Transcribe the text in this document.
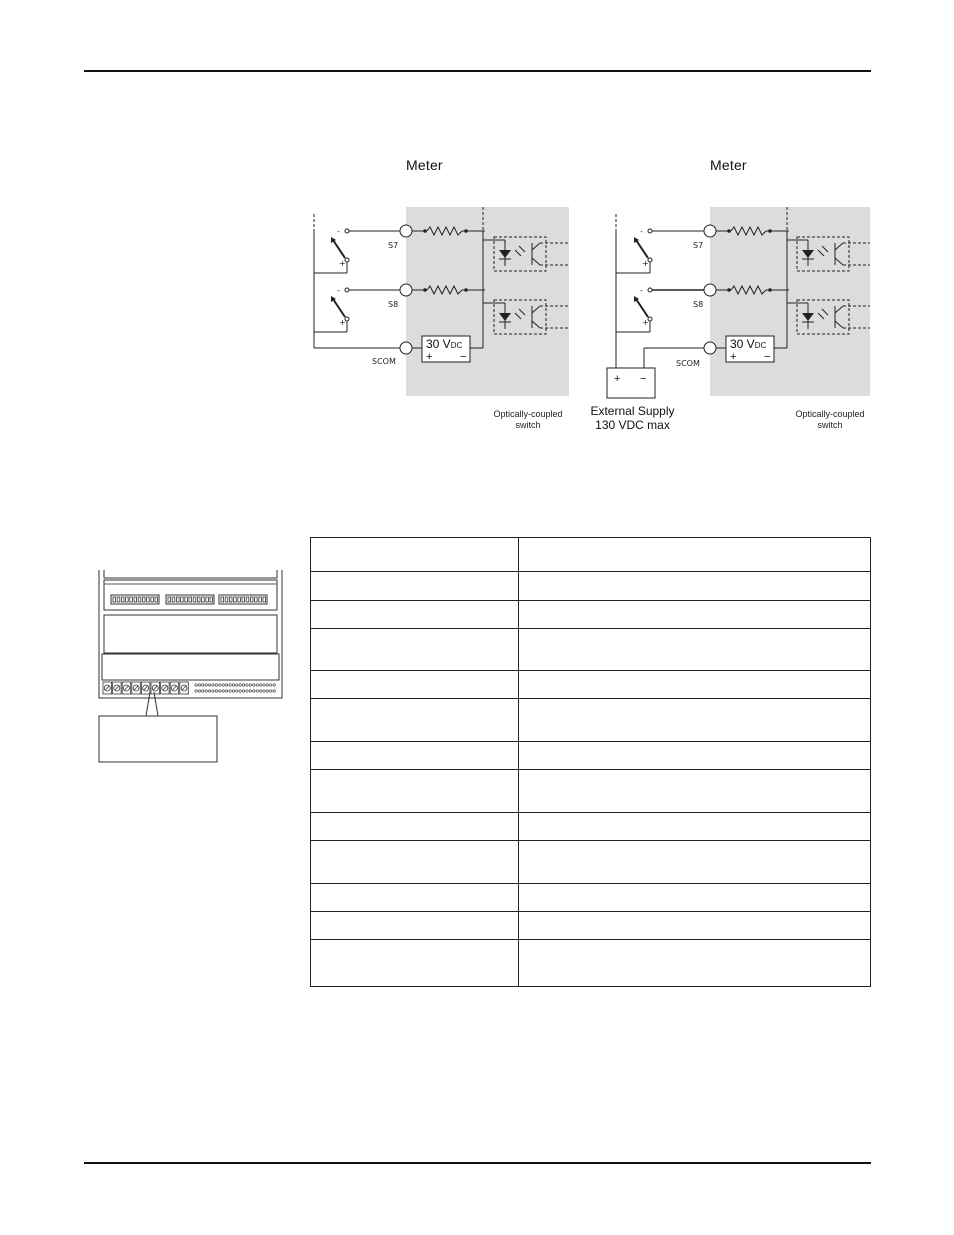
Meter	Meter
30 VDC
+	−
-
+
-
+
S7
S8
SCOM
Optically-coupled
switch
+ −
30 VDC
+	−
-
+
-
+
S7
S8
SCOM
External Supply
130 VDC max
Optically-coupled
switch
